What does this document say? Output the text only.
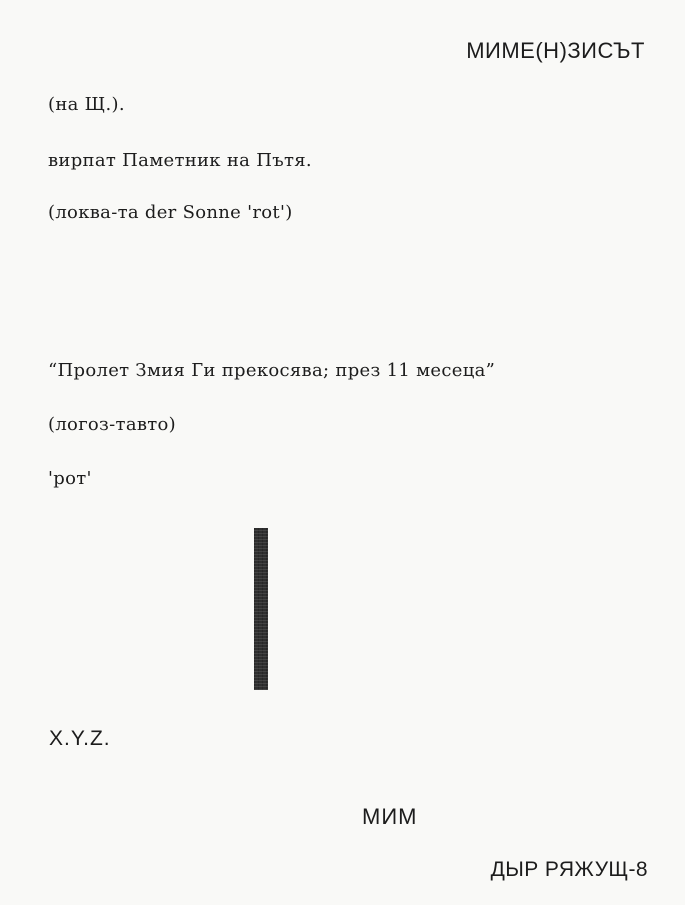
МИМЕ(Н)ЗИСЪТ
(на Щ.).
вирпат Паметник на Пътя.
(локва-та der Sonne 'rot')
“Пролет Змия Ги прекосява; през 11 месеца”
(логоз-тавто)
'рот'
X.Y.Z.
МИМ
ДЫР РЯЖУЩ-8
